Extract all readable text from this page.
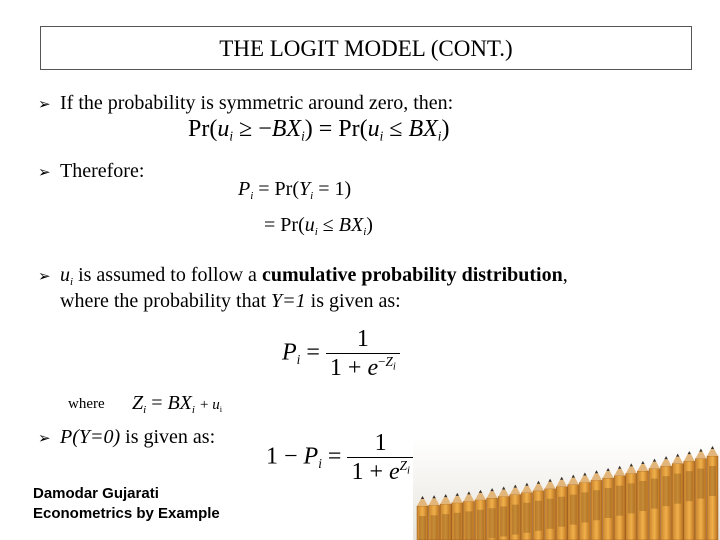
THE LOGIT MODEL (CONT.)
➢ If the probability is symmetric around zero, then:
$Pr(u_i \ge -BX_i) = Pr(u_i \le BX_i)$
➢ Therefore:
$P_i = Pr(Y_i = 1)$
= $Pr(u_i \le BX_i)$
➢ $u_i$ is assumed to follow a cumulative probability distribution,
where the probability that Y=1 is given as:
$P_i = \frac{1}{1 + e^{-Z_i}}$
where $Z_i = BX_i + u_i$
➢ P(Y=0) is given as:
$1 - P_i = \frac{1}{1 + e^{Z_i}}$
Damodar Gujarati
Econometrics by Example
